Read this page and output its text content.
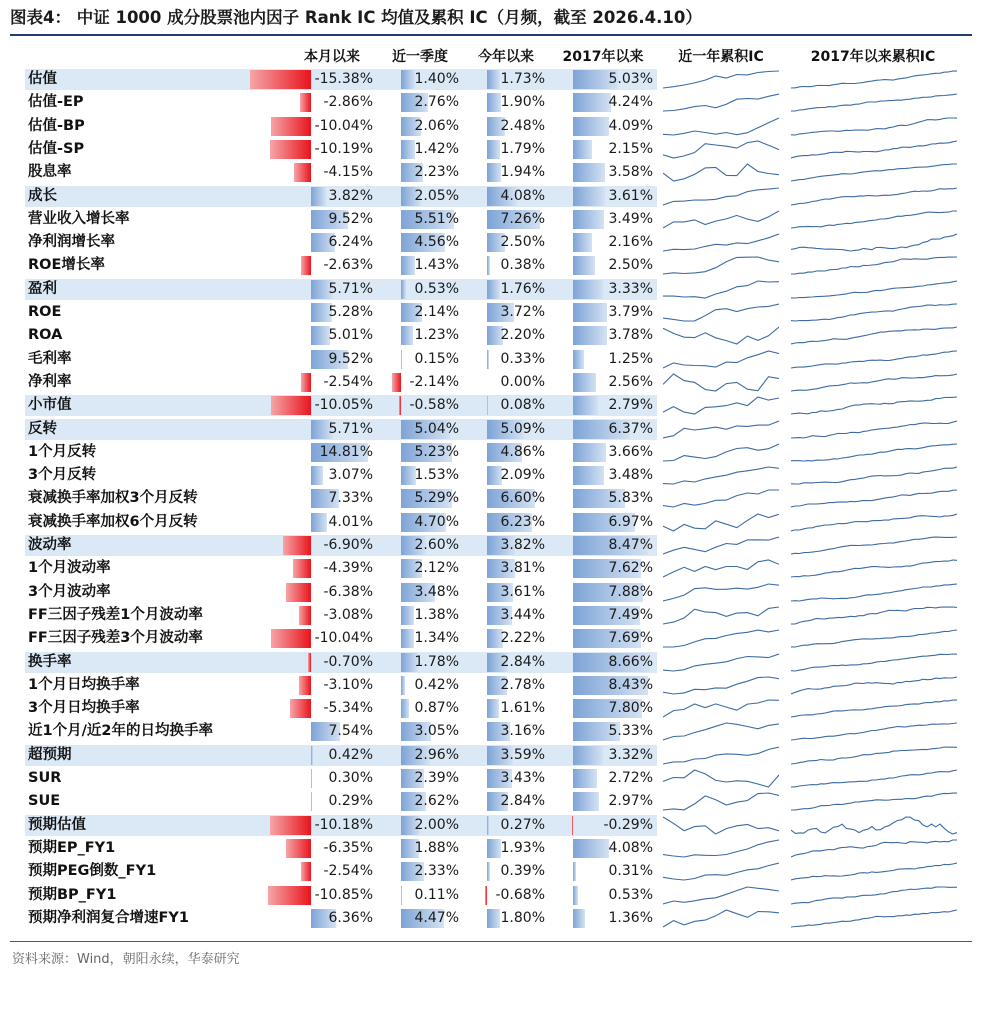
图表4： 中证 1000 成分股票池内因子 Rank IC 均值及累积 IC（月频，截至 2026.4.10）
本月以来	近一季度	今年以来	2017年以来	近一年累积IC	2017年以来累积IC
估值	-15.38%	1.40%	1.73%	5.03%
估值-EP	-2.86%	2.76%	1.90%	4.24%
估值-BP	-10.04%	2.06%	2.48%	4.09%
估值-SP	-10.19%	1.42%	1.79%	2.15%
股息率	-4.15%	2.23%	1.94%	3.58%
成长	3.82%	2.05%	4.08%	3.61%
营业收入增长率	9.52%	5.51%	7.26%	3.49%
净利润增长率	6.24%	4.56%	2.50%	2.16%
ROE增长率	-2.63%	1.43%	0.38%	2.50%
盈利	5.71%	0.53%	1.76%	3.33%
ROE	5.28%	2.14%	3.72%	3.79%
ROA	5.01%	1.23%	2.20%	3.78%
毛利率	9.52%	0.15%	0.33%	1.25%
净利率	-2.54%	-2.14%	0.00%	2.56%
小市值	-10.05%	-0.58%	0.08%	2.79%
反转	5.71%	5.04%	5.09%	6.37%
1个月反转	14.81%	5.23%	4.86%	3.66%
3个月反转	3.07%	1.53%	2.09%	3.48%
衰减换手率加权3个月反转	7.33%	5.29%	6.60%	5.83%
衰减换手率加权6个月反转	4.01%	4.70%	6.23%	6.97%
波动率	-6.90%	2.60%	3.82%	8.47%
1个月波动率	-4.39%	2.12%	3.81%	7.62%
3个月波动率	-6.38%	3.48%	3.61%	7.88%
FF三因子残差1个月波动率	-3.08%	1.38%	3.44%	7.49%
FF三因子残差3个月波动率	-10.04%	1.34%	2.22%	7.69%
换手率	-0.70%	1.78%	2.84%	8.66%
1个月日均换手率	-3.10%	0.42%	2.78%	8.43%
3个月日均换手率	-5.34%	0.87%	1.61%	7.80%
近1个月/近2年的日均换手率	7.54%	3.05%	3.16%	5.33%
超预期	0.42%	2.96%	3.59%	3.32%
SUR	0.30%	2.39%	3.43%	2.72%
SUE	0.29%	2.62%	2.84%	2.97%
预期估值	-10.18%	2.00%	0.27%	-0.29%
预期EP_FY1	-6.35%	1.88%	1.93%	4.08%
预期PEG倒数_FY1	-2.54%	2.33%	0.39%	0.31%
预期BP_FY1	-10.85%	0.11%	-0.68%	0.53%
预期净利润复合增速FY1	6.36%	4.47%	1.80%	1.36%
资料来源：Wind，朝阳永续，华泰研究
